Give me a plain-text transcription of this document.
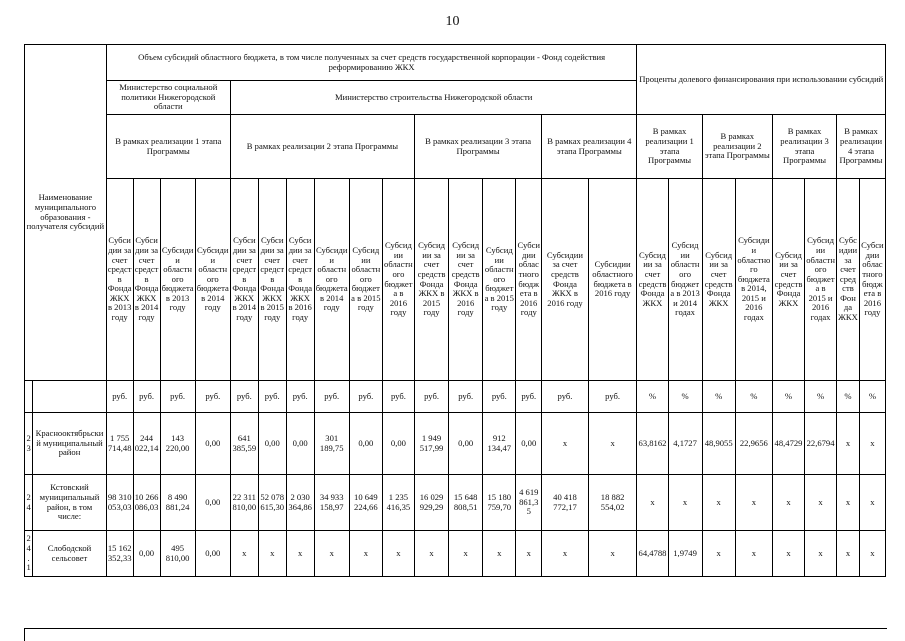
10
Наименование муниципального образования - получателя субсидий		Объем субсидий областного бюджета, в том числе полученных за счет средств государственной корпорации - Фонд содействия реформированию ЖКХ																Проценты долевого финансирования при использовании субсидий							
		Министерство социальной политики Нижегородской области				Министерство строительства Нижегородской области																			
		В рамках реализации 1 этапа Программы				В рамках реализации 2 этапа Программы						В рамках реализации 3 этапа Программы				В рамках реализации 4 этапа Программы		В рамках реализации 1 этапа Программы		В рамках реализации 2 этапа Программы		В рамках реализации 3 этапа Программы		В рамках реализации 4 этапа Программы	
		Субсидии за счет средств Фонда ЖКХ в 2013 году	Субсидии за счет средств Фонда ЖКХ в 2014 году	Субсидии областного бюджета в 2013 году	Субсидии областного бюджета в 2014 году	Субсидии за счет средств Фонда ЖКХ в 2014 году	Субсидии за счет средств Фонда ЖКХ в 2015 году	Субсидии за счет средств Фонда ЖКХ в 2016 году	Субсидии областного бюджета в 2014 году	Субсидии областного бюджета в 2015 году	Субсидии областного бюджета в 2016 году	Субсидии за счет средств Фонда ЖКХ в 2015 году	Субсидии за счет средств Фонда ЖКХ в 2016 году	Субсидии областного бюджета в 2015 году	Субсидии областного бюджета в 2016 году	Субсидии за счет средств Фонда ЖКХ в 2016 году	Субсидии областного бюджета в 2016 году	Субсидии за счет средств Фонда ЖКХ	Субсидии областного бюджета в 2013 и 2014 годах	Субсидии за счет средств Фонда ЖКХ	Субсидии областного бюджета в 2014, 2015 и 2016 годах	Субсидии за счет средств Фонда ЖКХ	Субсидии областного бюджета в 2015 и 2016 годах	Субсидии за счет средств Фонда ЖКХ	Субсидии областного бюджета в 2016 году
		руб.	руб.	руб.	руб.	руб.	руб.	руб.	руб.	руб.	руб.	руб.	руб.	руб.	руб.	руб.	руб.	%	%	%	%	%	%	%	%
23	Краснооктябрьский муниципальный район	1 755 714,48	244 022,14	143 220,00	0,00	641 385,59	0,00	0,00	301 189,75	0,00	0,00	1 949 517,99	0,00	912 134,47	0,00	x	x	63,8162	4,1727	48,9055	22,9656	48,4729	22,6794	x	x
24	Кстовский муниципальный район, в том числе:	98 310 053,03	10 266 086,03	8 490 881,24	0,00	22 311 810,00	52 078 615,30	2 030 364,86	34 933 158,97	10 649 224,66	1 235 416,35	16 029 929,29	15 648 808,51	15 180 759,70	4 619 861,35	40 418 772,17	18 882 554,02	x	x	x	x	x	x	x	x
24.1	Слободской сельсовет	15 162 352,33	0,00	495 810,00	0,00	x	x	x	x	x	x	x	x	x	x	x	x	64,4788	1,9749	x	x	x	x	x	x
